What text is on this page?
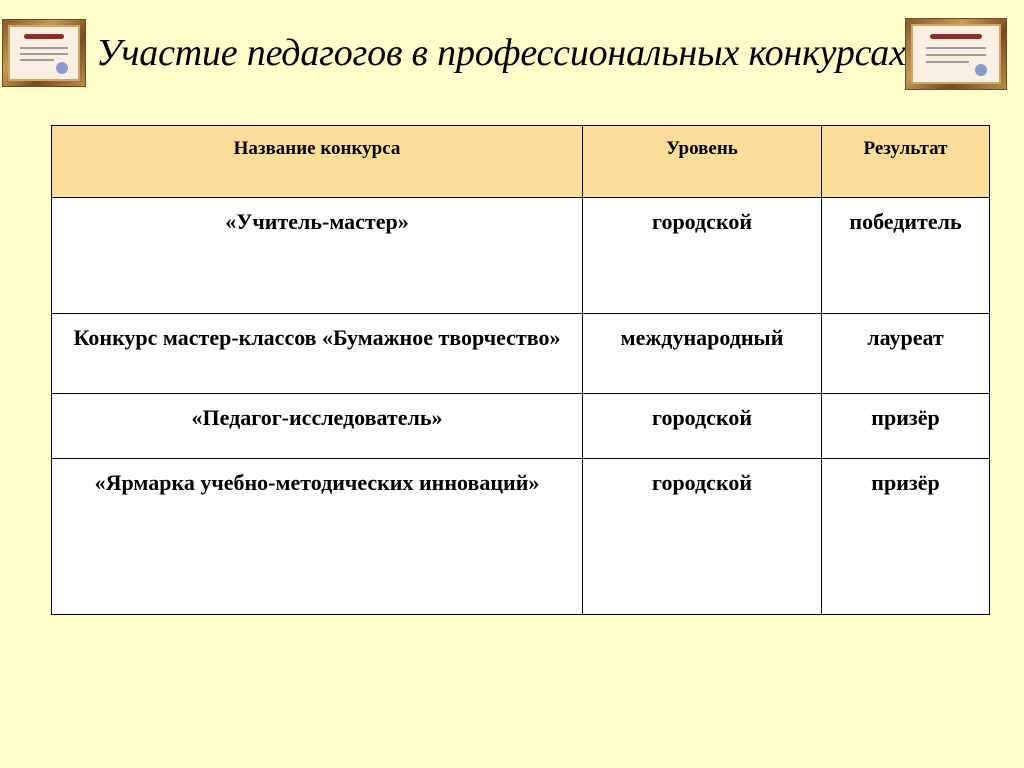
Участие педагогов в профессиональных конкурсах
Название конкурса	Уровень	Результат
«Учитель-мастер»	городской	победитель
Конкурс мастер-классов «Бумажное творчество»	международный	лауреат
«Педагог-исследователь»	городской	призёр
«Ярмарка учебно-методических инноваций»	городской	призёр
